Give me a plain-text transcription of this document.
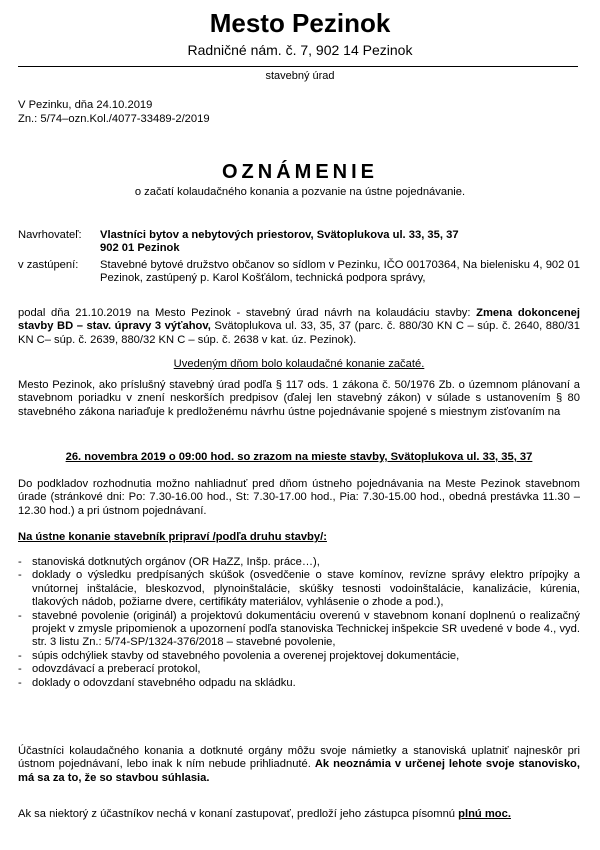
Mesto Pezinok
Radničné nám. č. 7, 902 14 Pezinok
stavebný úrad
V Pezinku, dňa 24.10.2019
Zn.: 5/74–ozn.Kol./4077-33489-2/2019
OZNÁMENIE
o začatí kolaudačného konania a pozvanie na ústne pojednávanie.
Navrhovateľ:	Vlastníci bytov a nebytových priestorov, Svätoplukova ul. 33, 35, 37
902 01 Pezinok
v zastúpení:	Stavebné bytové družstvo občanov so sídlom v Pezinku, IČO 00170364, Na bielenisku 4, 902 01 Pezinok, zastúpený p. Karol Košťálom, technická podpora správy,
podal dňa 21.10.2019 na Mesto Pezinok - stavebný úrad návrh na kolaudáciu stavby: Zmena dokoncenej stavby BD – stav. úpravy 3 výťahov, Svätoplukova ul. 33, 35, 37 (parc. č. 880/30 KN C – súp. č. 2640, 880/31 KN C– súp. č. 2639, 880/32 KN C – súp. č. 2638 v kat. úz. Pezinok).
Uvedeným dňom bolo kolaudačné konanie začaté.
Mesto Pezinok, ako príslušný stavebný úrad podľa § 117 ods. 1 zákona č. 50/1976 Zb. o územnom plánovaní a stavebnom poriadku v znení neskorších predpisov (ďalej len stavebný zákon) v súlade s ustanovením § 80 stavebného zákona nariaďuje k predloženému návrhu ústne pojednávanie spojené s miestnym zisťovaním na
26. novembra 2019 o 09:00 hod. so zrazom na mieste stavby, Svätoplukova ul. 33, 35, 37
Do podkladov rozhodnutia možno nahliadnuť pred dňom ústneho pojednávania na Meste Pezinok stavebnom úrade (stránkové dni: Po: 7.30-16.00 hod., St: 7.30-17.00 hod., Pia: 7.30-15.00 hod., obedná prestávka 11.30 – 12.30 hod.) a pri ústnom pojednávaní.
Na ústne konanie stavebník pripraví /podľa druhu stavby/:
- stanoviská dotknutých orgánov (OR HaZZ, Inšp. práce…),
- doklady o výsledku predpísaných skúšok (osvedčenie o stave komínov, revízne správy elektro prípojky a vnútornej inštalácie, bleskozvod, plynoinštalácie, skúšky tesnosti vodoinštalácie, kanalizácie, kúrenia, tlakových nádob, požiarne dvere, certifikáty materiálov, vyhlásenie o zhode a pod.),
- stavebné povolenie (originál) a projektovú dokumentáciu overenú v stavebnom konaní doplnenú o realizačný projekt v zmysle pripomienok a upozornení podľa stanoviska Technickej inšpekcie SR uvedené v bode 4., vyd. str. 3 listu Zn.: 5/74-SP/1324-376/2018 – stavebné povolenie,
- súpis odchýliek stavby od stavebného povolenia a overenej projektovej dokumentácie,
- odovzdávací a preberací protokol,
- doklady o odovzdaní stavebného odpadu na skládku.
Účastníci kolaudačného konania a dotknuté orgány môžu svoje námietky a stanoviská uplatniť najneskôr pri ústnom pojednávaní, lebo inak k ním nebude prihliadnuté. Ak neoznámia v určenej lehote svoje stanovisko, má sa za to, že so stavbou súhlasia.
Ak sa niektorý z účastníkov nechá v konaní zastupovať, predloží jeho zástupca písomnú plnú moc.
